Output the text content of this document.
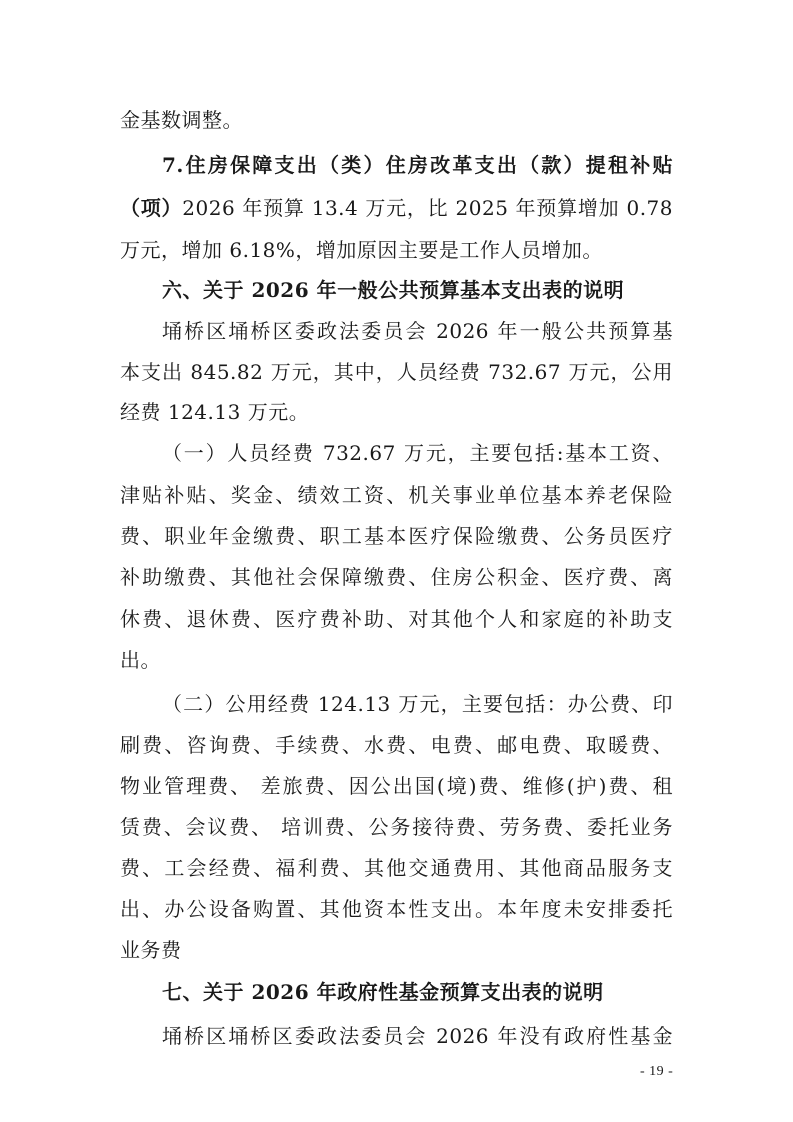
金基数调整。
7.住房保障支出（类）住房改革支出（款）提租补贴
（项）2026 年预算 13.4 万元，比 2025 年预算增加 0.78
万元，增加 6.18%，增加原因主要是工作人员增加。
六、关于 2026 年一般公共预算基本支出表的说明
埇桥区埇桥区委政法委员会 2026 年一般公共预算基
本支出 845.82 万元，其中，人员经费 732.67 万元，公用
经费 124.13 万元。
（一）人员经费 732.67 万元，主要包括:基本工资、
津贴补贴、奖金、绩效工资、机关事业单位基本养老保险
费、职业年金缴费、职工基本医疗保险缴费、公务员医疗
补助缴费、其他社会保障缴费、住房公积金、医疗费、离
休费、退休费、医疗费补助、对其他个人和家庭的补助支
出。
（二）公用经费 124.13 万元，主要包括：办公费、印
刷费、咨询费、手续费、水费、电费、邮电费、取暖费、
物业管理费、 差旅费、因公出国(境)费、维修(护)费、租
赁费、会议费、 培训费、公务接待费、劳务费、委托业务
费、工会经费、福利费、其他交通费用、其他商品服务支
出、办公设备购置、其他资本性支出。本年度未安排委托
业务费
- 19 -
七、关于 2026 年政府性基金预算支出表的说明
埇桥区埇桥区委政法委员会 2026 年没有政府性基金
